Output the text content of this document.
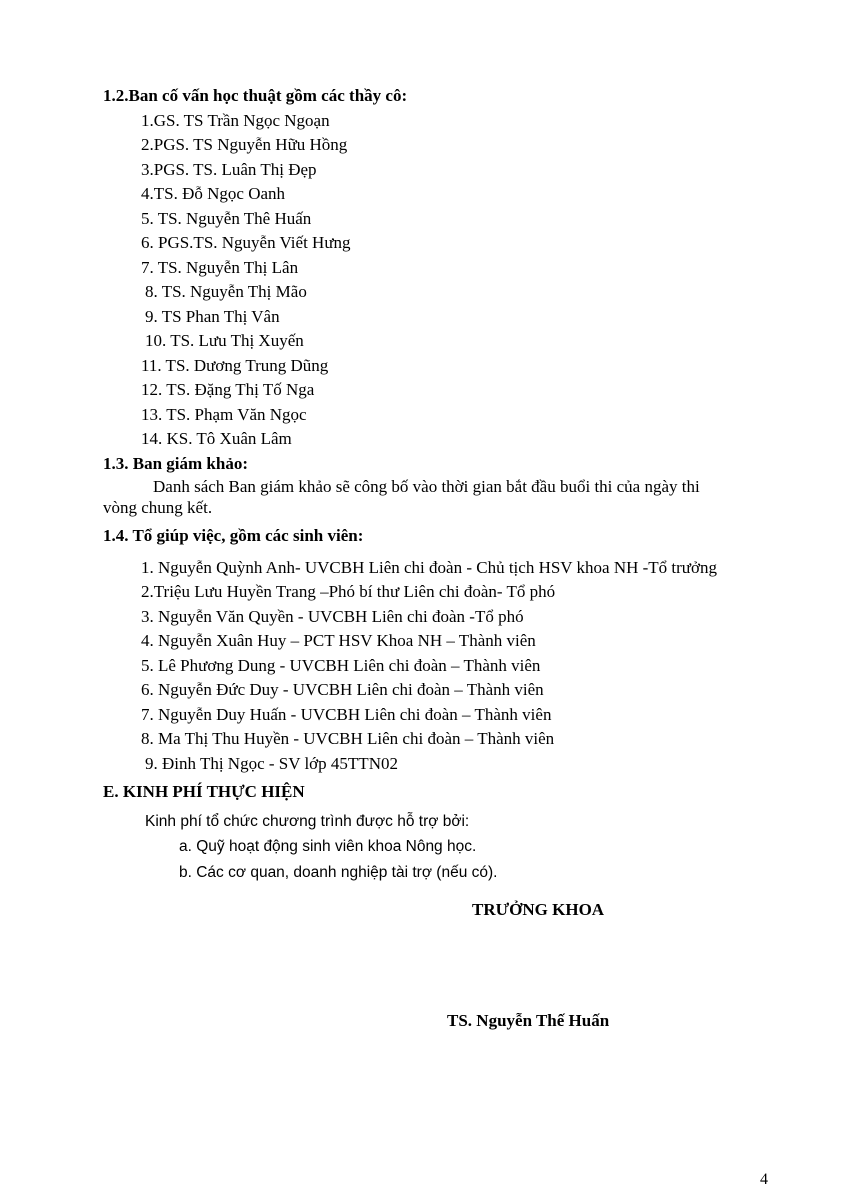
1.2.Ban cố vấn học thuật gồm các thầy cô:
1.GS. TS Trần Ngọc Ngoạn
2.PGS. TS Nguyễn Hữu Hồng
3.PGS. TS. Luân Thị Đẹp
4.TS. Đỗ Ngọc Oanh
5. TS. Nguyễn Thê Huấn
6. PGS.TS. Nguyễn Viết Hưng
7. TS. Nguyễn Thị Lân
8. TS. Nguyễn Thị Mão
9. TS Phan Thị Vân
10. TS. Lưu Thị Xuyến
11. TS. Dương Trung Dũng
12. TS. Đặng Thị Tố Nga
13. TS. Phạm Văn Ngọc
14. KS. Tô Xuân Lâm
1.3. Ban giám khảo:
Danh sách Ban giám khảo sẽ công bố vào thời gian bắt đầu buổi thi của ngày thi
vòng chung kết.
1.4. Tổ giúp việc, gồm các sinh viên:
1. Nguyễn Quỳnh Anh- UVCBH Liên chi đoàn - Chủ tịch HSV khoa NH -Tổ trưởng
2.Triệu Lưu Huyền Trang –Phó bí thư Liên chi đoàn- Tổ phó
3. Nguyễn Văn Quyền - UVCBH Liên chi đoàn -Tổ phó
4. Nguyễn Xuân Huy – PCT HSV Khoa NH – Thành viên
5. Lê Phương Dung - UVCBH Liên chi đoàn – Thành viên
6. Nguyễn Đức Duy - UVCBH Liên chi đoàn – Thành viên
7. Nguyễn Duy Huấn - UVCBH Liên chi đoàn – Thành viên
8. Ma Thị Thu Huyền - UVCBH Liên chi đoàn – Thành viên
9. Đinh Thị Ngọc - SV lớp 45TTN02
E. KINH PHÍ THỰC HIỆN
Kinh phí tổ chức chương trình được hỗ trợ bởi:
a. Quỹ hoạt động sinh viên khoa Nông học.
b. Các cơ quan, doanh nghiệp tài trợ (nếu có).
TRƯỞNG KHOA
TS. Nguyễn Thế Huấn
4
